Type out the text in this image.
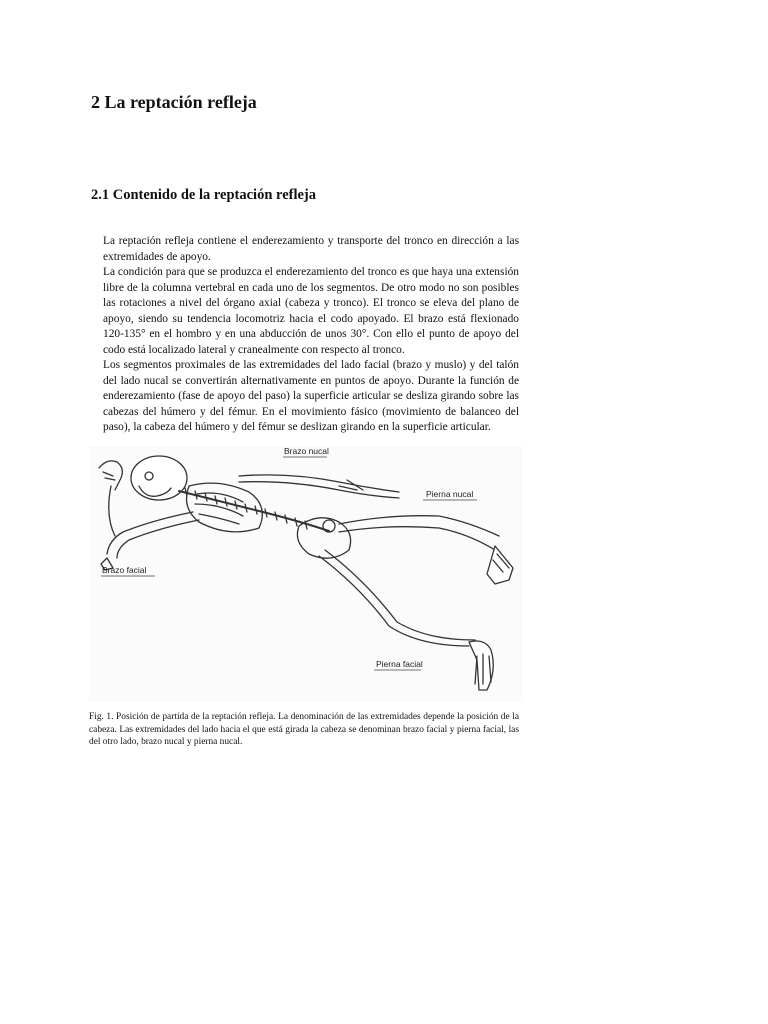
2 La reptación refleja
2.1 Contenido de la reptación refleja

La reptación refleja contiene el enderezamiento y transporte del tronco en dirección a las extremidades de apoyo.

La condición para que se produzca el enderezamiento del tronco es que haya una extensión libre de la columna vertebral en cada uno de los segmentos. De otro modo no son posibles las rotaciones a nivel del órgano axial (cabeza y tronco). El tronco se eleva del plano de apoyo, siendo su tendencia locomotriz hacia el codo apoyado. El brazo está flexionado 120-135° en el hombro y en una abducción de unos 30°. Con ello el punto de apoyo del codo está localizado lateral y cranealmente con respecto al tronco.

Los segmentos proximales de las extremidades del lado facial (brazo y muslo) y del talón del lado nucal se convertirán alternativamente en puntos de apoyo. Durante la función de enderezamiento (fase de apoyo del paso) la superficie articular se desliza girando sobre las cabezas del húmero y del fémur. En el movimiento fásico (movimiento de balanceo del paso), la cabeza del húmero y del fémur se deslizan girando en la superficie articular.

Brazo nucal
Pierna nucal
Brazo facial
Pierna facial

Fig. 1. Posición de partida de la reptación refleja. La denominación de las extremidades depende la posición de la cabeza. Las extremidades del lado hacia el que está girada la cabeza se denominan brazo facial y pierna facial, las del otro lado, brazo nucal y pierna nucal.
